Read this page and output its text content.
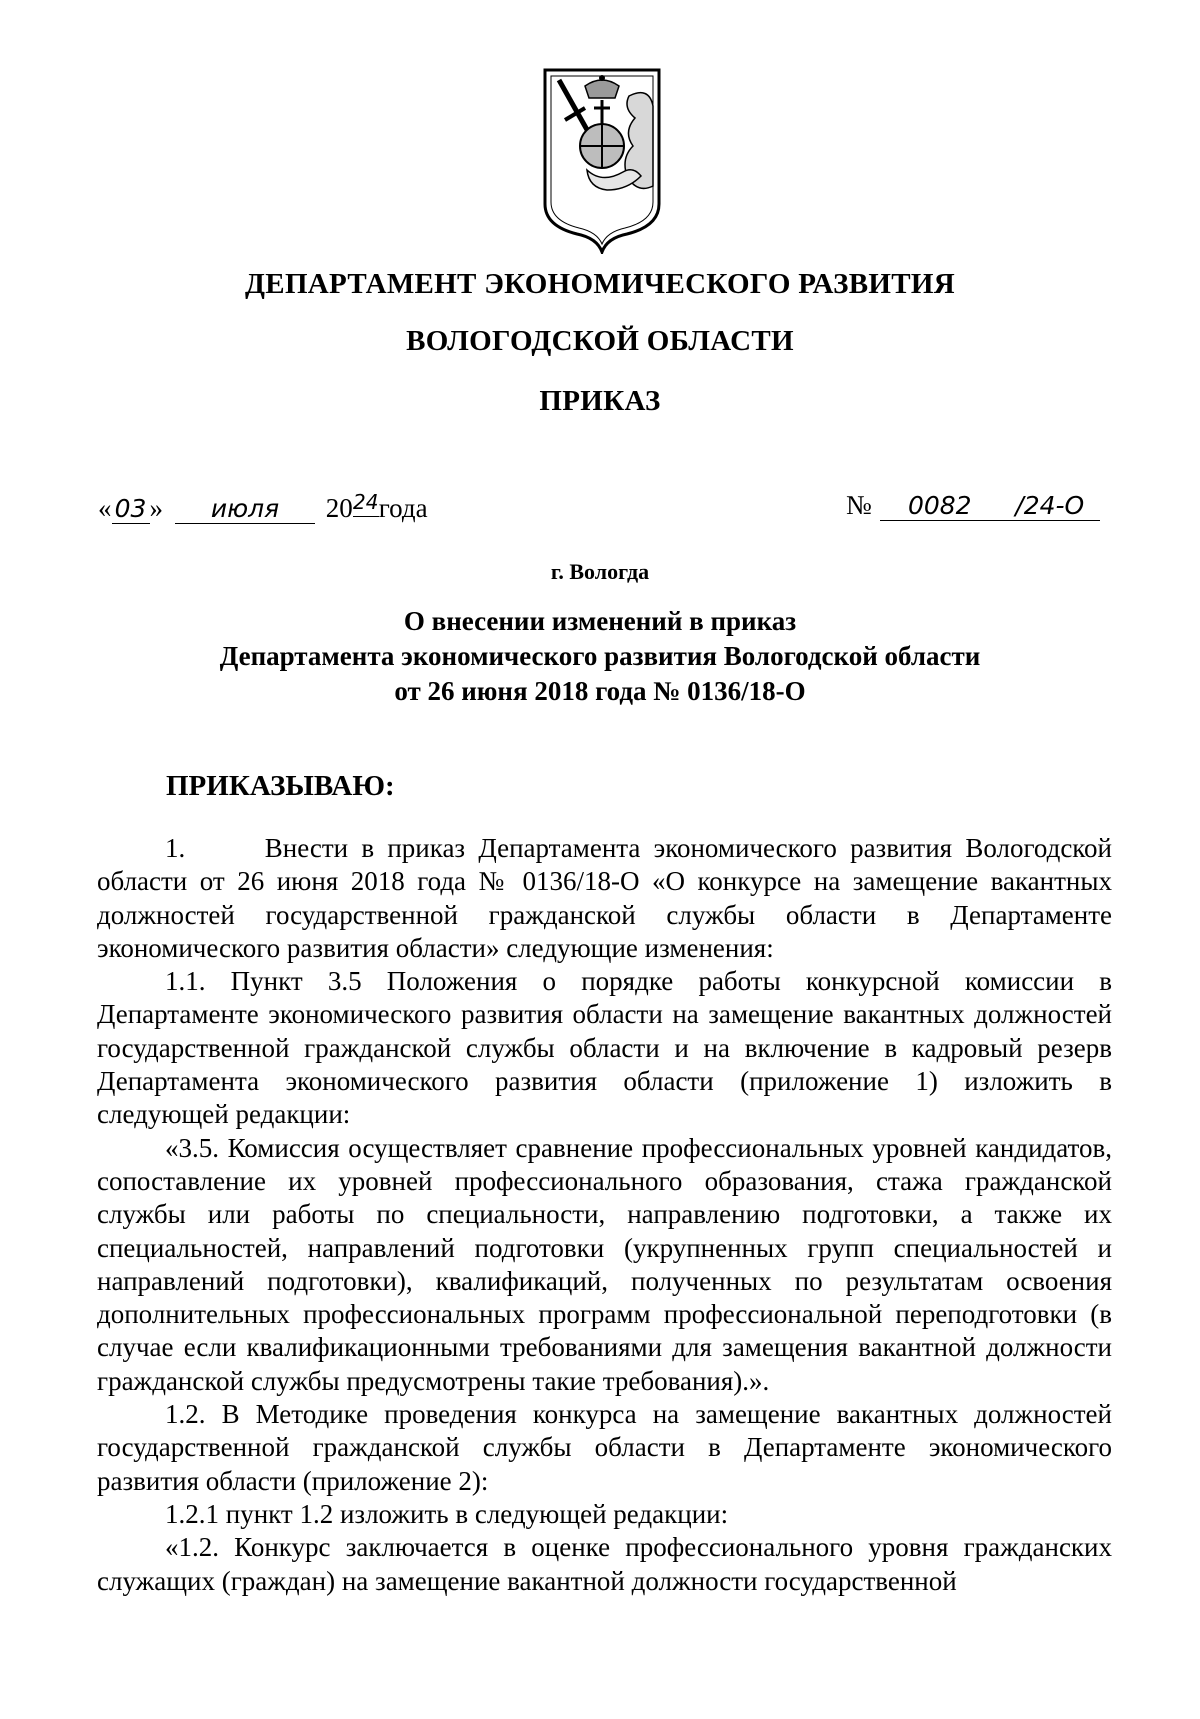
ДЕПАРТАМЕНТ ЭКОНОМИЧЕСКОГО РАЗВИТИЯ
ВОЛОГОДСКОЙ ОБЛАСТИ
ПРИКАЗ
« 03 » июля 2024года	№ 0082 /24-О
г. Вологда
О внесении изменений в приказ
Департамента экономического развития Вологодской области
от 26 июня 2018 года № 0136/18-О
ПРИКАЗЫВАЮ:

1.      Внести в приказ Департамента экономического развития Вологодской области от 26 июня 2018 года № 0136/18-О «О конкурсе на замещение вакантных должностей государственной гражданской службы области в Департаменте экономического развития области» следующие изменения:

1.1. Пункт 3.5 Положения о порядке работы конкурсной комиссии в Департаменте экономического развития области на замещение вакантных должностей государственной гражданской службы области и на включение в кадровый резерв Департамента экономического развития области (приложение 1) изложить в следующей редакции:

«3.5. Комиссия осуществляет сравнение профессиональных уровней кандидатов, сопоставление их уровней профессионального образования, стажа гражданской службы или работы по специальности, направлению подготовки, а также их специальностей, направлений подготовки (укрупненных групп специальностей и направлений подготовки), квалификаций, полученных по результатам освоения дополнительных профессиональных программ профессиональной переподготовки (в случае если квалификационными требованиями для замещения вакантной должности гражданской службы предусмотрены такие требования).».

1.2. В Методике проведения конкурса на замещение вакантных должностей государственной гражданской службы области в Департаменте экономического развития области (приложение 2):

1.2.1 пункт 1.2 изложить в следующей редакции:

«1.2. Конкурс заключается в оценке профессионального уровня гражданских служащих (граждан) на замещение вакантной должности государственной
